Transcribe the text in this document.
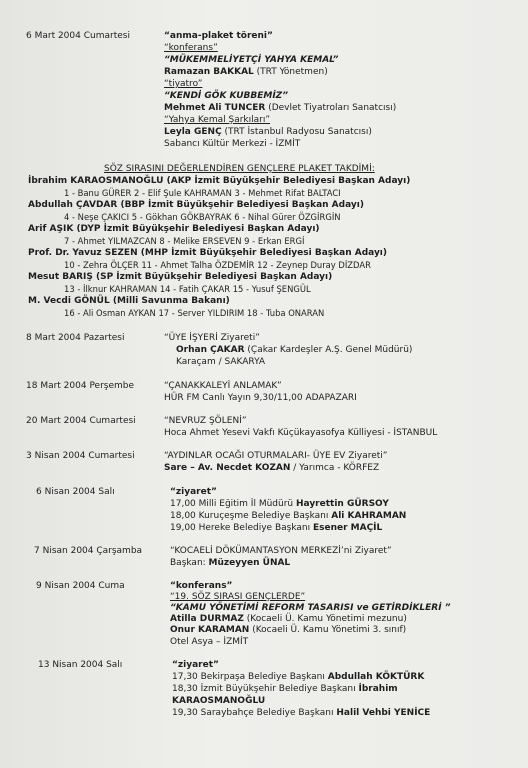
6 Mart 2004 Cumartesi	“anma-plaket töreni”
“konferans”
“MÜKEMMELİYETÇİ YAHYA KEMAL”
Ramazan BAKKAL (TRT Yönetmen)
“tiyatro”
“KENDİ GÖK KUBBEMİZ”
Mehmet Ali TUNCER (Devlet Tiyatroları Sanatcısı)
“Yahya Kemal Şarkıları”
Leyla GENÇ (TRT İstanbul Radyosu Sanatcısı)
Sabancı Kültür Merkezi - İZMİT
SÖZ SIRASINI DEĞERLENDİREN GENÇLERE PLAKET TAKDİMİ:
İbrahim KARAOSMANOĞLU (AKP İzmit Büyükşehir Belediyesi Başkan Adayı)
1 - Banu GÜRER 2 - Elif Şule KAHRAMAN 3 - Mehmet Rifat BALTACI
Abdullah ÇAVDAR (BBP İzmit Büyükşehir Belediyesi Başkan Adayı)
4 - Neşe ÇAKICI 5 - Gökhan GÖKBAYRAK 6 - Nihal Gürer ÖZGİRGİN
Arif AŞIK (DYP İzmit Büyükşehir Belediyesi Başkan Adayı)
7 - Ahmet YILMAZCAN 8 - Melike ERSEVEN 9 - Erkan ERGİ
Prof. Dr. Yavuz SEZEN (MHP İzmit Büyükşehir Belediyesi Başkan Adayı)
10 - Zehra ÖLÇER 11 - Ahmet Talha ÖZDEMİR 12 - Zeynep Duray DİZDAR
Mesut BARIŞ (SP İzmit Büyükşehir Belediyesi Başkan Adayı)
13 - İlknur KAHRAMAN 14 - Fatih ÇAKAR 15 - Yusuf ŞENGÜL
M. Vecdi GÖNÜL (Milli Savunma Bakanı)
16 - Ali Osman AYKAN 17 - Server YILDIRIM 18 - Tuba ONARAN
8 Mart 2004 Pazartesi	“ÜYE İŞYERİ Ziyareti”
Orhan ÇAKAR (Çakar Kardeşler A.Ş. Genel Müdürü)
Karaçam / SAKARYA
18 Mart 2004 Perşembe	“ÇANAKKALEYİ ANLAMAK”
HÜR FM Canlı Yayın 9,30/11,00 ADAPAZARI
20 Mart 2004 Cumartesi	“NEVRUZ ŞÖLENİ”
Hoca Ahmet Yesevi Vakfı Küçükayasofya Külliyesi - İSTANBUL
3 Nisan 2004 Cumartesi	“AYDINLAR OCAĞI OTURMALARI- ÜYE EV Ziyareti”
Sare – Av. Necdet KOZAN / Yarımca - KÖRFEZ
6 Nisan 2004 Salı	“ziyaret”
17,00 Milli Eğitim İl Müdürü Hayrettin GÜRSOY
18,00 Kuruçeşme Belediye Başkanı Ali KAHRAMAN
19,00 Hereke Belediye Başkanı Esener MAÇİL
7 Nisan 2004 Çarşamba	“KOCAELİ DÖKÜMANTASYON MERKEZİ’ni Ziyaret”
Başkan: Müzeyyen ÜNAL
9 Nisan 2004 Cuma	“konferans”
“19. SÖZ SIRASI GENÇLERDE”
“KAMU YÖNETİMİ REFORM TASARISI ve GETİRDİKLERİ ”
Atilla DURMAZ (Kocaeli Ü. Kamu Yönetimi mezunu)
Onur KARAMAN (Kocaeli Ü. Kamu Yönetimi 3. sınıf)
Otel Asya – İZMİT
13 Nisan 2004 Salı	“ziyaret”
17,30 Bekirpaşa Belediye Başkanı Abdullah KÖKTÜRK
18,30 İzmit Büyükşehir Belediye Başkanı İbrahim
KARAOSMANOĞLU
19,30 Saraybahçe Belediye Başkanı Halil Vehbi YENİCE
